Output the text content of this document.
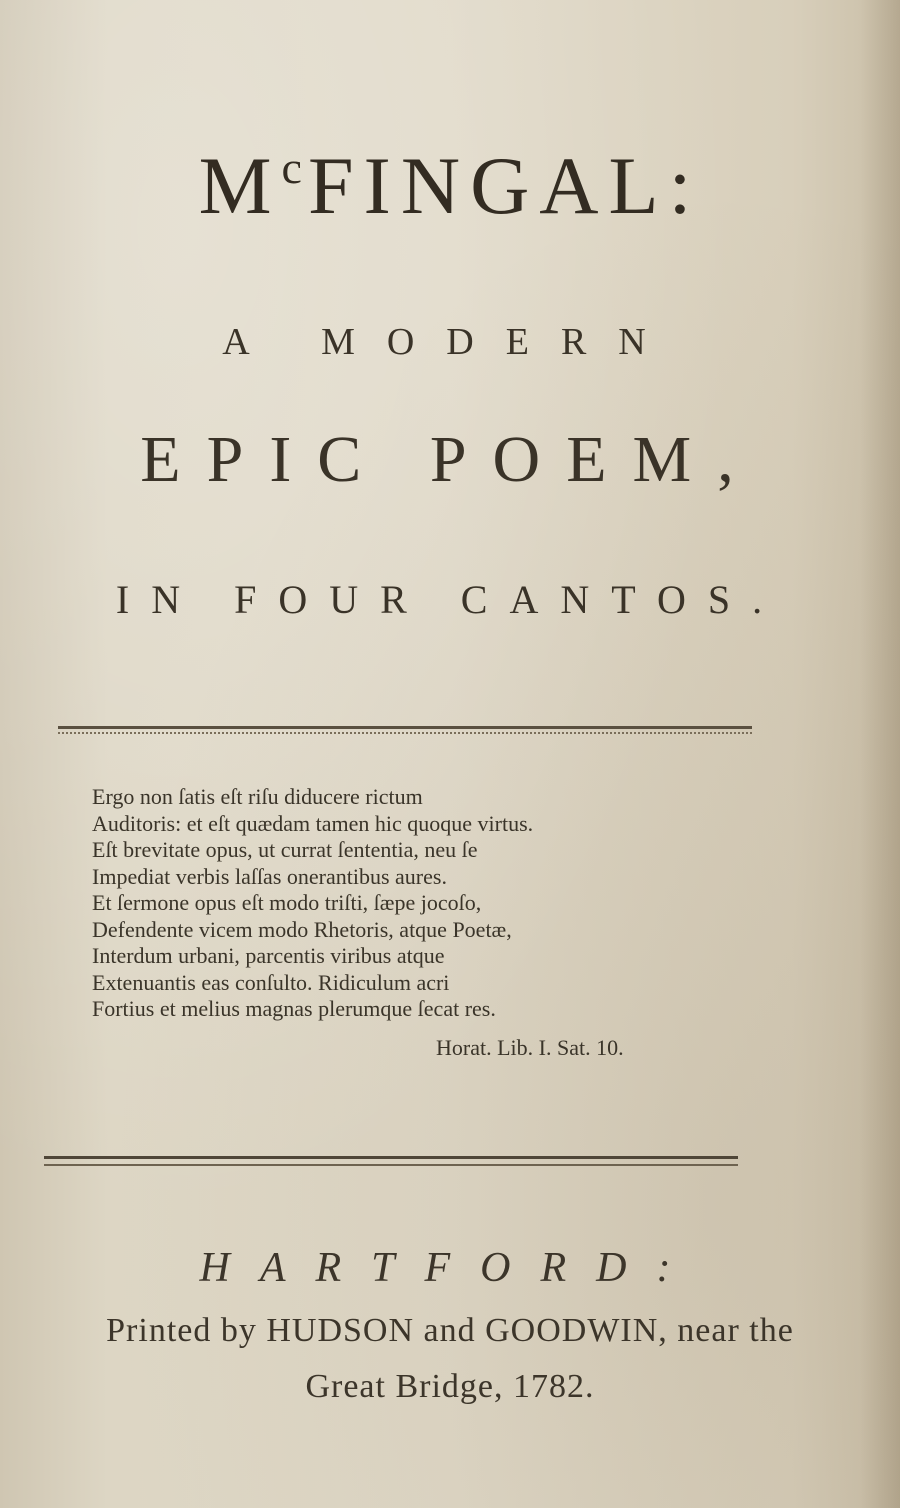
$M^cFINGAL$:
A MODERN
EPIC POEM,
IN FOUR CANTOS.
Ergo non ſatis eſt riſu diducere rictum
Auditoris: et eſt quædam tamen hic quoque virtus.
Eſt brevitate opus, ut currat ſententia, neu ſe
Impediat verbis laſſas onerantibus aures.
Et ſermone opus eſt modo triſti, ſæpe jocoſo,
Defendente vicem modo Rhetoris, atque Poetæ,
Interdum urbani, parcentis viribus atque
Extenuantis eas conſulto. Ridiculum acri
Fortius et melius magnas plerumque ſecat res.
Horat. Lib. I. Sat. 10.
HARTFORD:
Printed by HUDSON and GOODWIN, near the
Great Bridge, 1782.
